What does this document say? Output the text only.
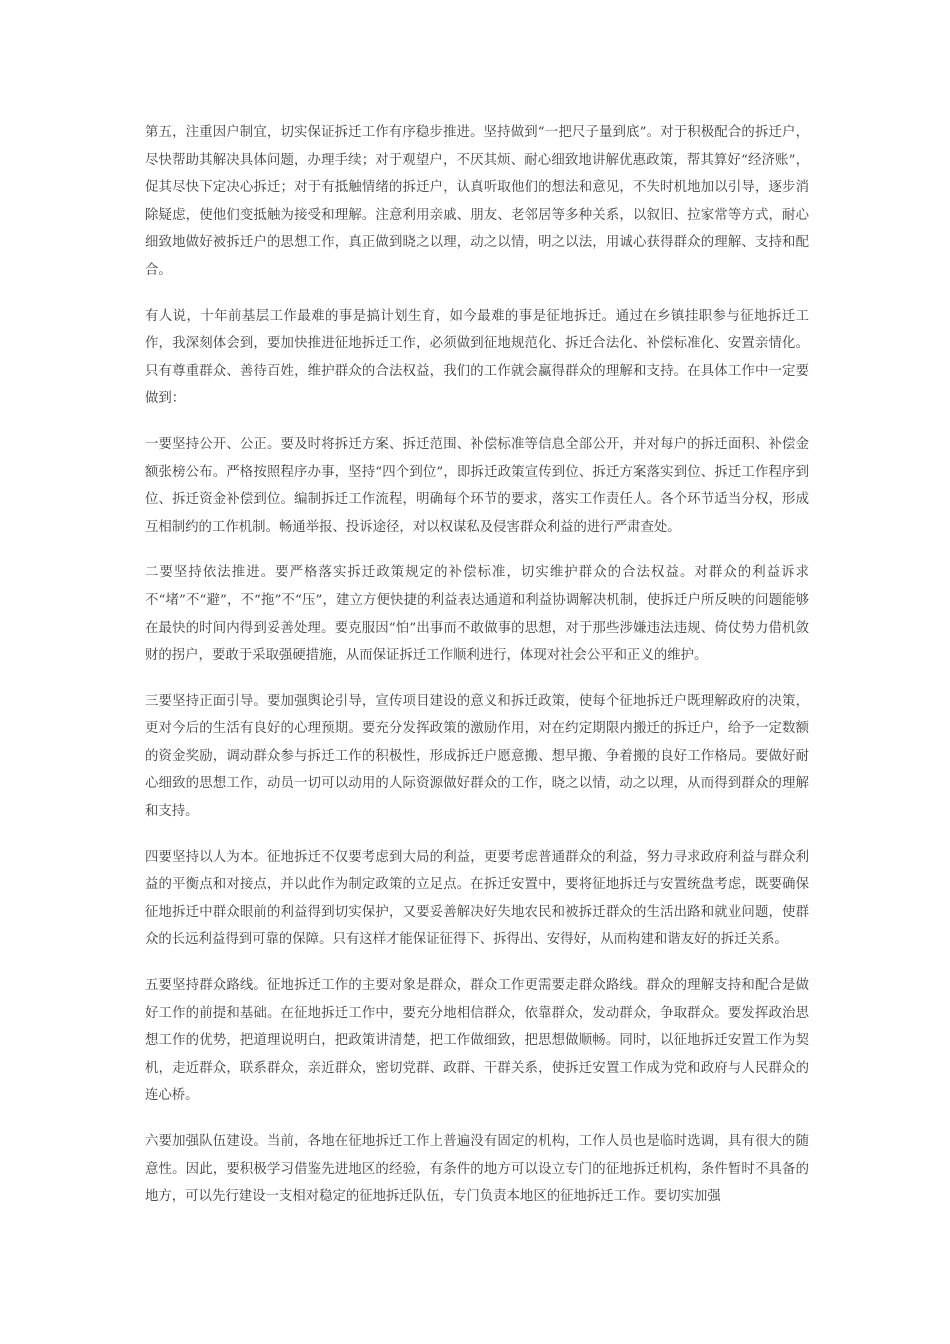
第五，注重因户制宜，切实保证拆迁工作有序稳步推进。坚持做到“一把尺子量到底”。对于积极配合的拆迁户，尽快帮助其解决具体问题，办理手续；对于观望户，不厌其烦、耐心细致地讲解优惠政策，帮其算好“经济账”，促其尽快下定决心拆迁；对于有抵触情绪的拆迁户，认真听取他们的想法和意见，不失时机地加以引导，逐步消除疑虑，使他们变抵触为接受和理解。注意利用亲戚、朋友、老邻居等多种关系，以叙旧、拉家常等方式，耐心细致地做好被拆迁户的思想工作，真正做到晓之以理，动之以情，明之以法，用诚心获得群众的理解、支持和配合。

有人说，十年前基层工作最难的事是搞计划生育，如今最难的事是征地拆迁。通过在乡镇挂职参与征地拆迁工作，我深刻体会到，要加快推进征地拆迁工作，必须做到征地规范化、拆迁合法化、补偿标准化、安置亲情化。只有尊重群众、善待百姓，维护群众的合法权益，我们的工作就会赢得群众的理解和支持。在具体工作中一定要做到：

一要坚持公开、公正。要及时将拆迁方案、拆迁范围、补偿标准等信息全部公开，并对每户的拆迁面积、补偿金额张榜公布。严格按照程序办事，坚持“四个到位”，即拆迁政策宣传到位、拆迁方案落实到位、拆迁工作程序到位、拆迁资金补偿到位。编制拆迁工作流程，明确每个环节的要求，落实工作责任人。各个环节适当分权，形成互相制约的工作机制。畅通举报、投诉途径，对以权谋私及侵害群众利益的进行严肃查处。

二要坚持依法推进。要严格落实拆迁政策规定的补偿标准，切实维护群众的合法权益。对群众的利益诉求不“堵”不“避”，不“拖”不“压”，建立方便快捷的利益表达通道和利益协调解决机制，使拆迁户所反映的问题能够在最快的时间内得到妥善处理。要克服因“怕”出事而不敢做事的思想，对于那些涉嫌违法违规、倚仗势力借机敛财的拐户，要敢于采取强硬措施，从而保证拆迁工作顺利进行，体现对社会公平和正义的维护。

三要坚持正面引导。要加强舆论引导，宣传项目建设的意义和拆迁政策，使每个征地拆迁户既理解政府的决策，更对今后的生活有良好的心理预期。要充分发挥政策的激励作用，对在约定期限内搬迁的拆迁户，给予一定数额的资金奖励，调动群众参与拆迁工作的积极性，形成拆迁户愿意搬、想早搬、争着搬的良好工作格局。要做好耐心细致的思想工作，动员一切可以动用的人际资源做好群众的工作，晓之以情，动之以理，从而得到群众的理解和支持。

四要坚持以人为本。征地拆迁不仅要考虑到大局的利益，更要考虑普通群众的利益，努力寻求政府利益与群众利益的平衡点和对接点，并以此作为制定政策的立足点。在拆迁安置中，要将征地拆迁与安置统盘考虑，既要确保征地拆迁中群众眼前的利益得到切实保护，又要妥善解决好失地农民和被拆迁群众的生活出路和就业问题，使群众的长远利益得到可靠的保障。只有这样才能保证征得下、拆得出、安得好，从而构建和谐友好的拆迁关系。

五要坚持群众路线。征地拆迁工作的主要对象是群众，群众工作更需要走群众路线。群众的理解支持和配合是做好工作的前提和基础。在征地拆迁工作中，要充分地相信群众，依靠群众，发动群众，争取群众。要发挥政治思想工作的优势，把道理说明白，把政策讲清楚，把工作做细致，把思想做顺畅。同时，以征地拆迁安置工作为契机，走近群众，联系群众，亲近群众，密切党群、政群、干群关系，使拆迁安置工作成为党和政府与人民群众的连心桥。

六要加强队伍建设。当前，各地在征地拆迁工作上普遍没有固定的机构，工作人员也是临时选调，具有很大的随意性。因此，要积极学习借鉴先进地区的经验，有条件的地方可以设立专门的征地拆迁机构，条件暂时不具备的地方，可以先行建设一支相对稳定的征地拆迁队伍，专门负责本地区的征地拆迁工作。要切实加强
